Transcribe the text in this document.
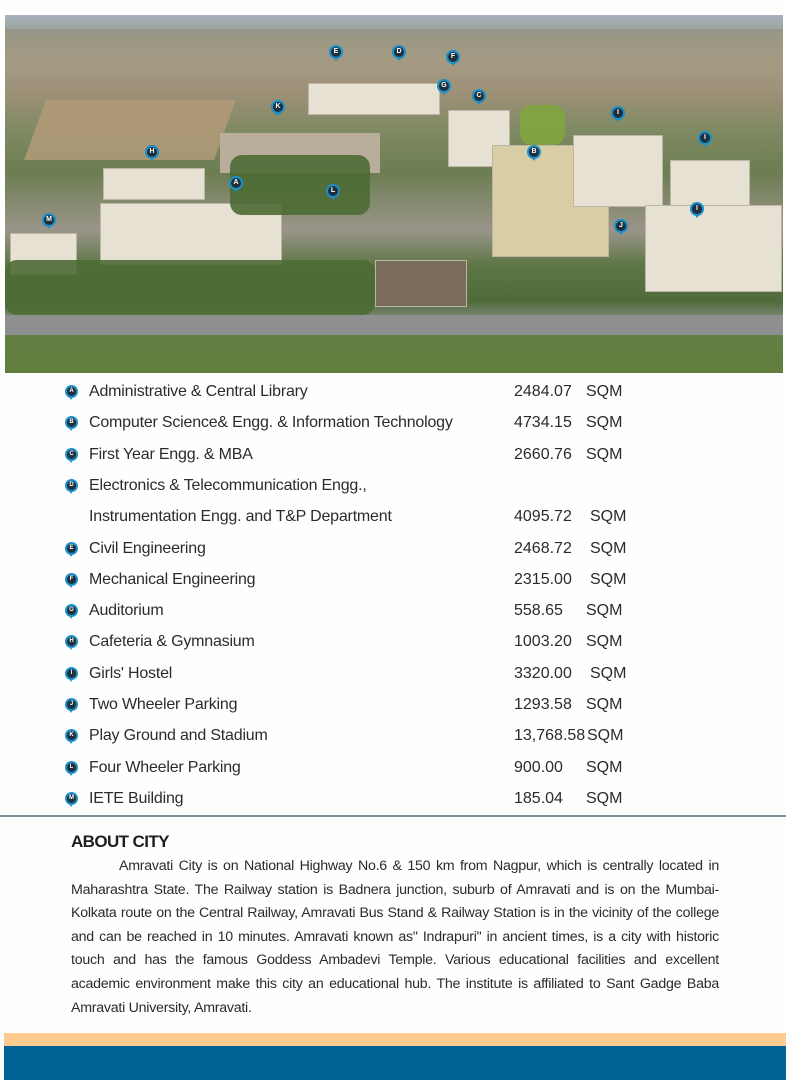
E	D
F
G
C
K
I
I
H	B
A
L
M
I
J
A Administrative & Central Library	2484.07 SQM
B Computer Science& Engg. & Information Technology	4734.15 SQM
C First Year Engg. & MBA	2660.76 SQM
D Electronics & Telecommunication Engg.,
Instrumentation Engg. and T&P Department	4095.72 SQM
E Civil Engineering	2468.72 SQM
F Mechanical Engineering	2315.00 SQM
G Auditorium	558.65 SQM
H Cafeteria & Gymnasium	1003.20 SQM
I Girls' Hostel	3320.00 SQM
J Two Wheeler Parking	1293.58 SQM
K Play Ground and Stadium	13,768.58 SQM
L Four Wheeler Parking	900.00 SQM
M IETE Building	185.04 SQM
ABOUT CITY
Amravati City is on National Highway No.6 & 150 km from Nagpur, which is centrally located in Maharashtra State. The Railway station is Badnera junction, suburb of Amravati and is on the Mumbai-Kolkata route on the Central Railway, Amravati Bus Stand & Railway Station is in the vicinity of the college and can be reached in 10 minutes. Amravati known as" Indrapuri" in ancient times, is a city with historic touch and has the famous Goddess Ambadevi Temple. Various educational facilities and excellent academic environment make this city an educational hub. The institute is affiliated to Sant Gadge Baba Amravati University, Amravati.
